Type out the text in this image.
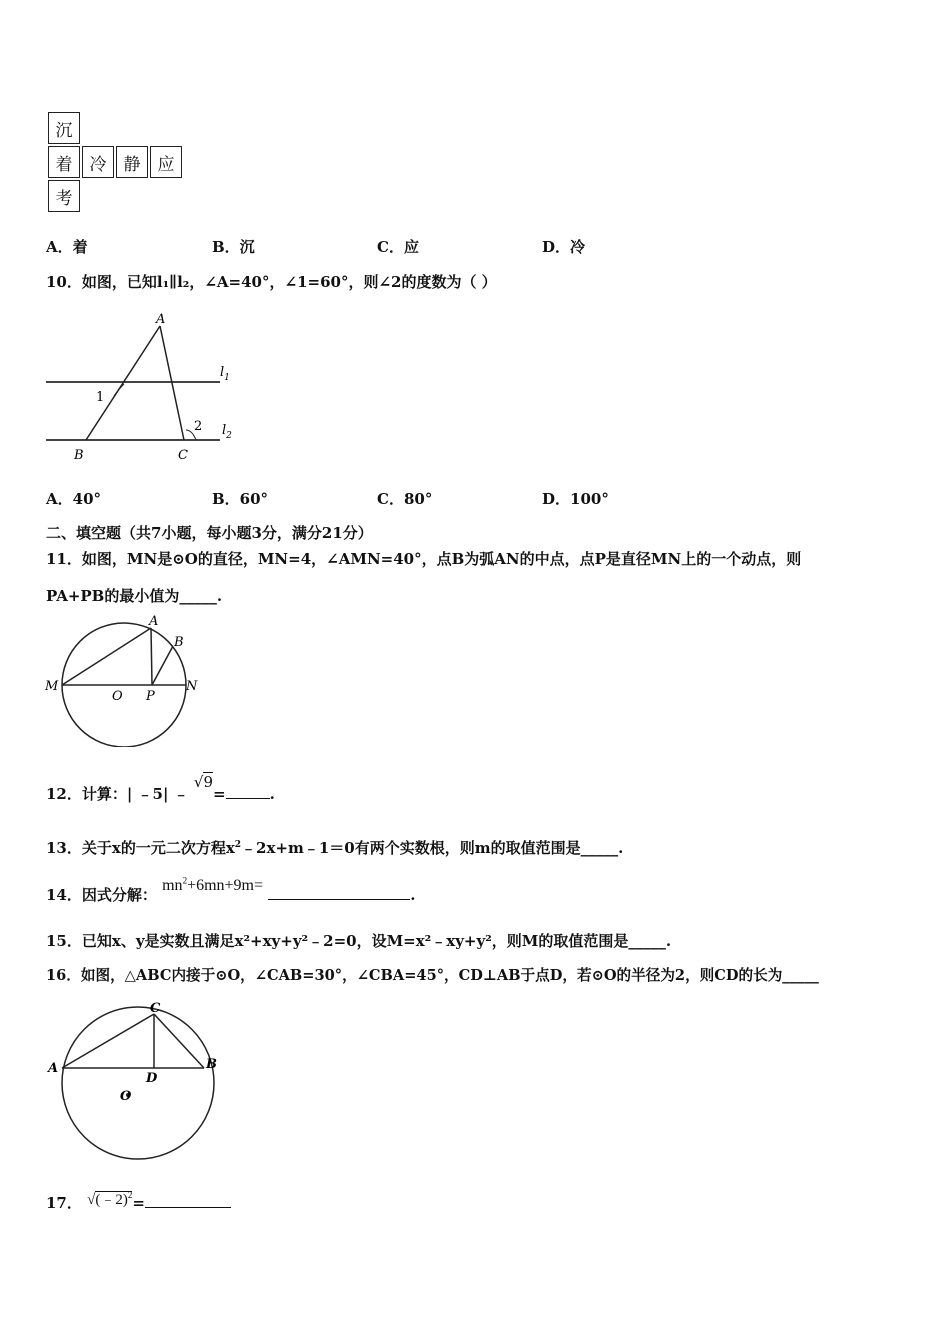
沉
着	冷	静	应
考
A．着	B．沉	C．应	D．冷
10．如图，已知l₁∥l₂，∠A=40°，∠1=60°，则∠2的度数为（ ）
A
B	C
1
2
$l_1$
$l_2$
A．40°	B．60°	C．80°	D．100°
二、填空题（共7小题，每小题3分，满分21分）
11．如图，MN是⊙O的直径，MN=4，∠AMN=40°，点B为弧AN的中点，点P是直径MN上的一个动点，则
PA+PB的最小值为_____.
M
O P
N
A
B
12．计算：| ﹣5| ﹣ √9=	.
13．关于x的一元二次方程$x^2﹣2x+m﹣1=0$有两个实数根，则m的取值范围是_____.
14．因式分解： $mn^2+6mn+9m=$ .
15．已知x、y是实数且满足x²+xy+y²﹣2=0，设M=x²﹣xy+y²，则M的取值范围是_____.
16．如图，△ABC内接于⊙O，∠CAB=30°，∠CBA=45°，CD⊥AB于点D，若⊙O的半径为2，则CD的长为_____
A	B
C
D
O
17． √(﹣2)$^2$=
